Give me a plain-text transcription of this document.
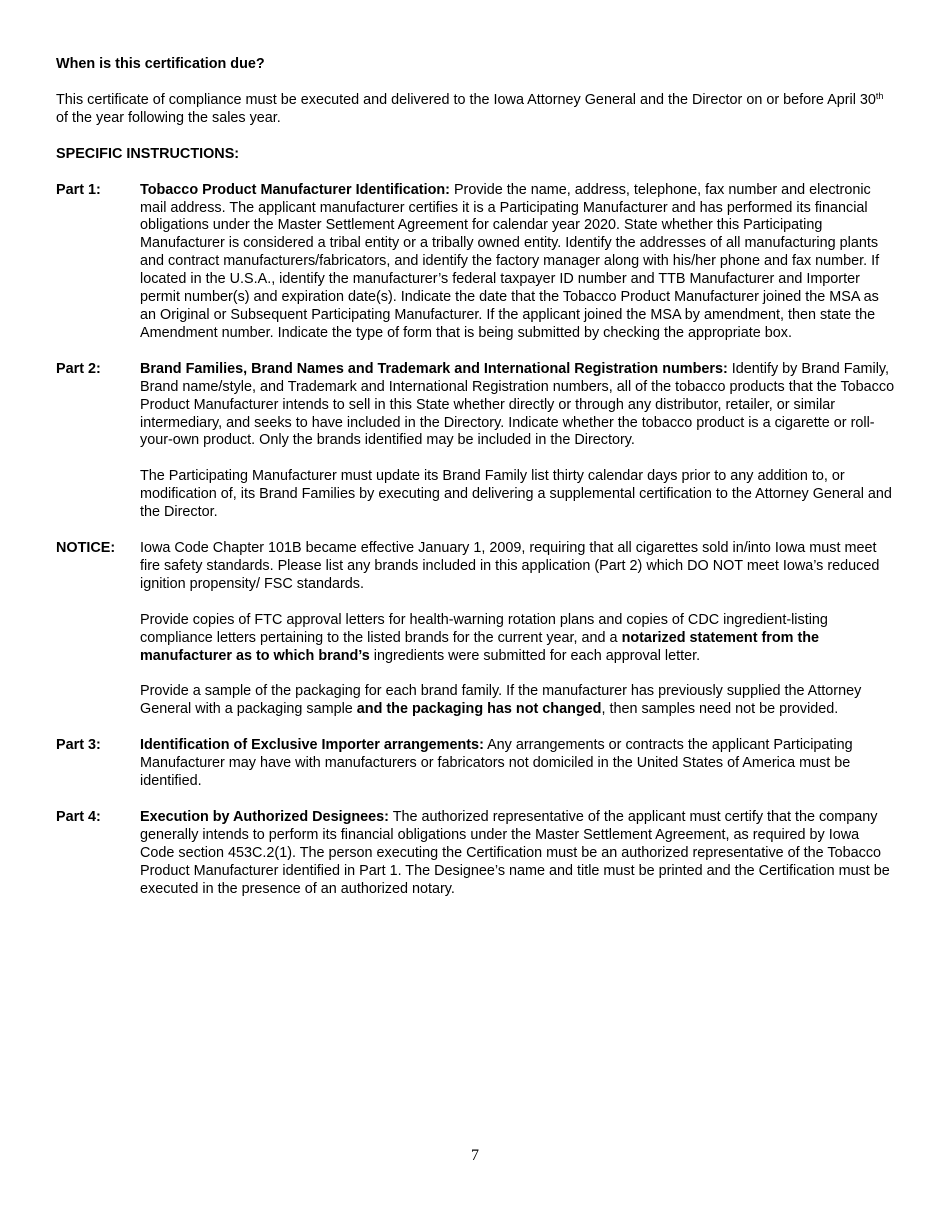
When is this certification due?

This certificate of compliance must be executed and delivered to the Iowa Attorney General and the Director on or before April 30th of the year following the sales year.

SPECIFIC INSTRUCTIONS:

Part 1:	Tobacco Product Manufacturer Identification: Provide the name, address, telephone, fax number and electronic mail address. The applicant manufacturer certifies it is a Participating Manufacturer and has performed its financial obligations under the Master Settlement Agreement for calendar year 2020. State whether this Participating Manufacturer is considered a tribal entity or a tribally owned entity. Identify the addresses of all manufacturing plants and contract manufacturers/fabricators, and identify the factory manager along with his/her phone and fax number. If located in the U.S.A., identify the manufacturer’s federal taxpayer ID number and TTB Manufacturer and Importer permit number(s) and expiration date(s). Indicate the date that the Tobacco Product Manufacturer joined the MSA as an Original or Subsequent Participating Manufacturer. If the applicant joined the MSA by amendment, then state the Amendment number. Indicate the type of form that is being submitted by checking the appropriate box.

Part 2:	Brand Families, Brand Names and Trademark and International Registration numbers: Identify by Brand Family, Brand name/style, and Trademark and International Registration numbers, all of the tobacco products that the Tobacco Product Manufacturer intends to sell in this State whether directly or through any distributor, retailer, or similar intermediary, and seeks to have included in the Directory. Indicate whether the tobacco product is a cigarette or roll-your-own product. Only the brands identified may be included in the Directory.

The Participating Manufacturer must update its Brand Family list thirty calendar days prior to any addition to, or modification of, its Brand Families by executing and delivering a supplemental certification to the Attorney General and the Director.

NOTICE:	Iowa Code Chapter 101B became effective January 1, 2009, requiring that all cigarettes sold in/into Iowa must meet fire safety standards. Please list any brands included in this application (Part 2) which DO NOT meet Iowa’s reduced ignition propensity/ FSC standards.

Provide copies of FTC approval letters for health-warning rotation plans and copies of CDC ingredient-listing compliance letters pertaining to the listed brands for the current year, and a notarized statement from the manufacturer as to which brand’s ingredients were submitted for each approval letter.

Provide a sample of the packaging for each brand family. If the manufacturer has previously supplied the Attorney General with a packaging sample and the packaging has not changed, then samples need not be provided.

Part 3:	Identification of Exclusive Importer arrangements: Any arrangements or contracts the applicant Participating Manufacturer may have with manufacturers or fabricators not domiciled in the United States of America must be identified.

Part 4:	Execution by Authorized Designees: The authorized representative of the applicant must certify that the company generally intends to perform its financial obligations under the Master Settlement Agreement, as required by Iowa Code section 453C.2(1). The person executing the Certification must be an authorized representative of the Tobacco Product Manufacturer identified in Part 1. The Designee’s name and title must be printed and the Certification must be executed in the presence of an authorized notary.

7
